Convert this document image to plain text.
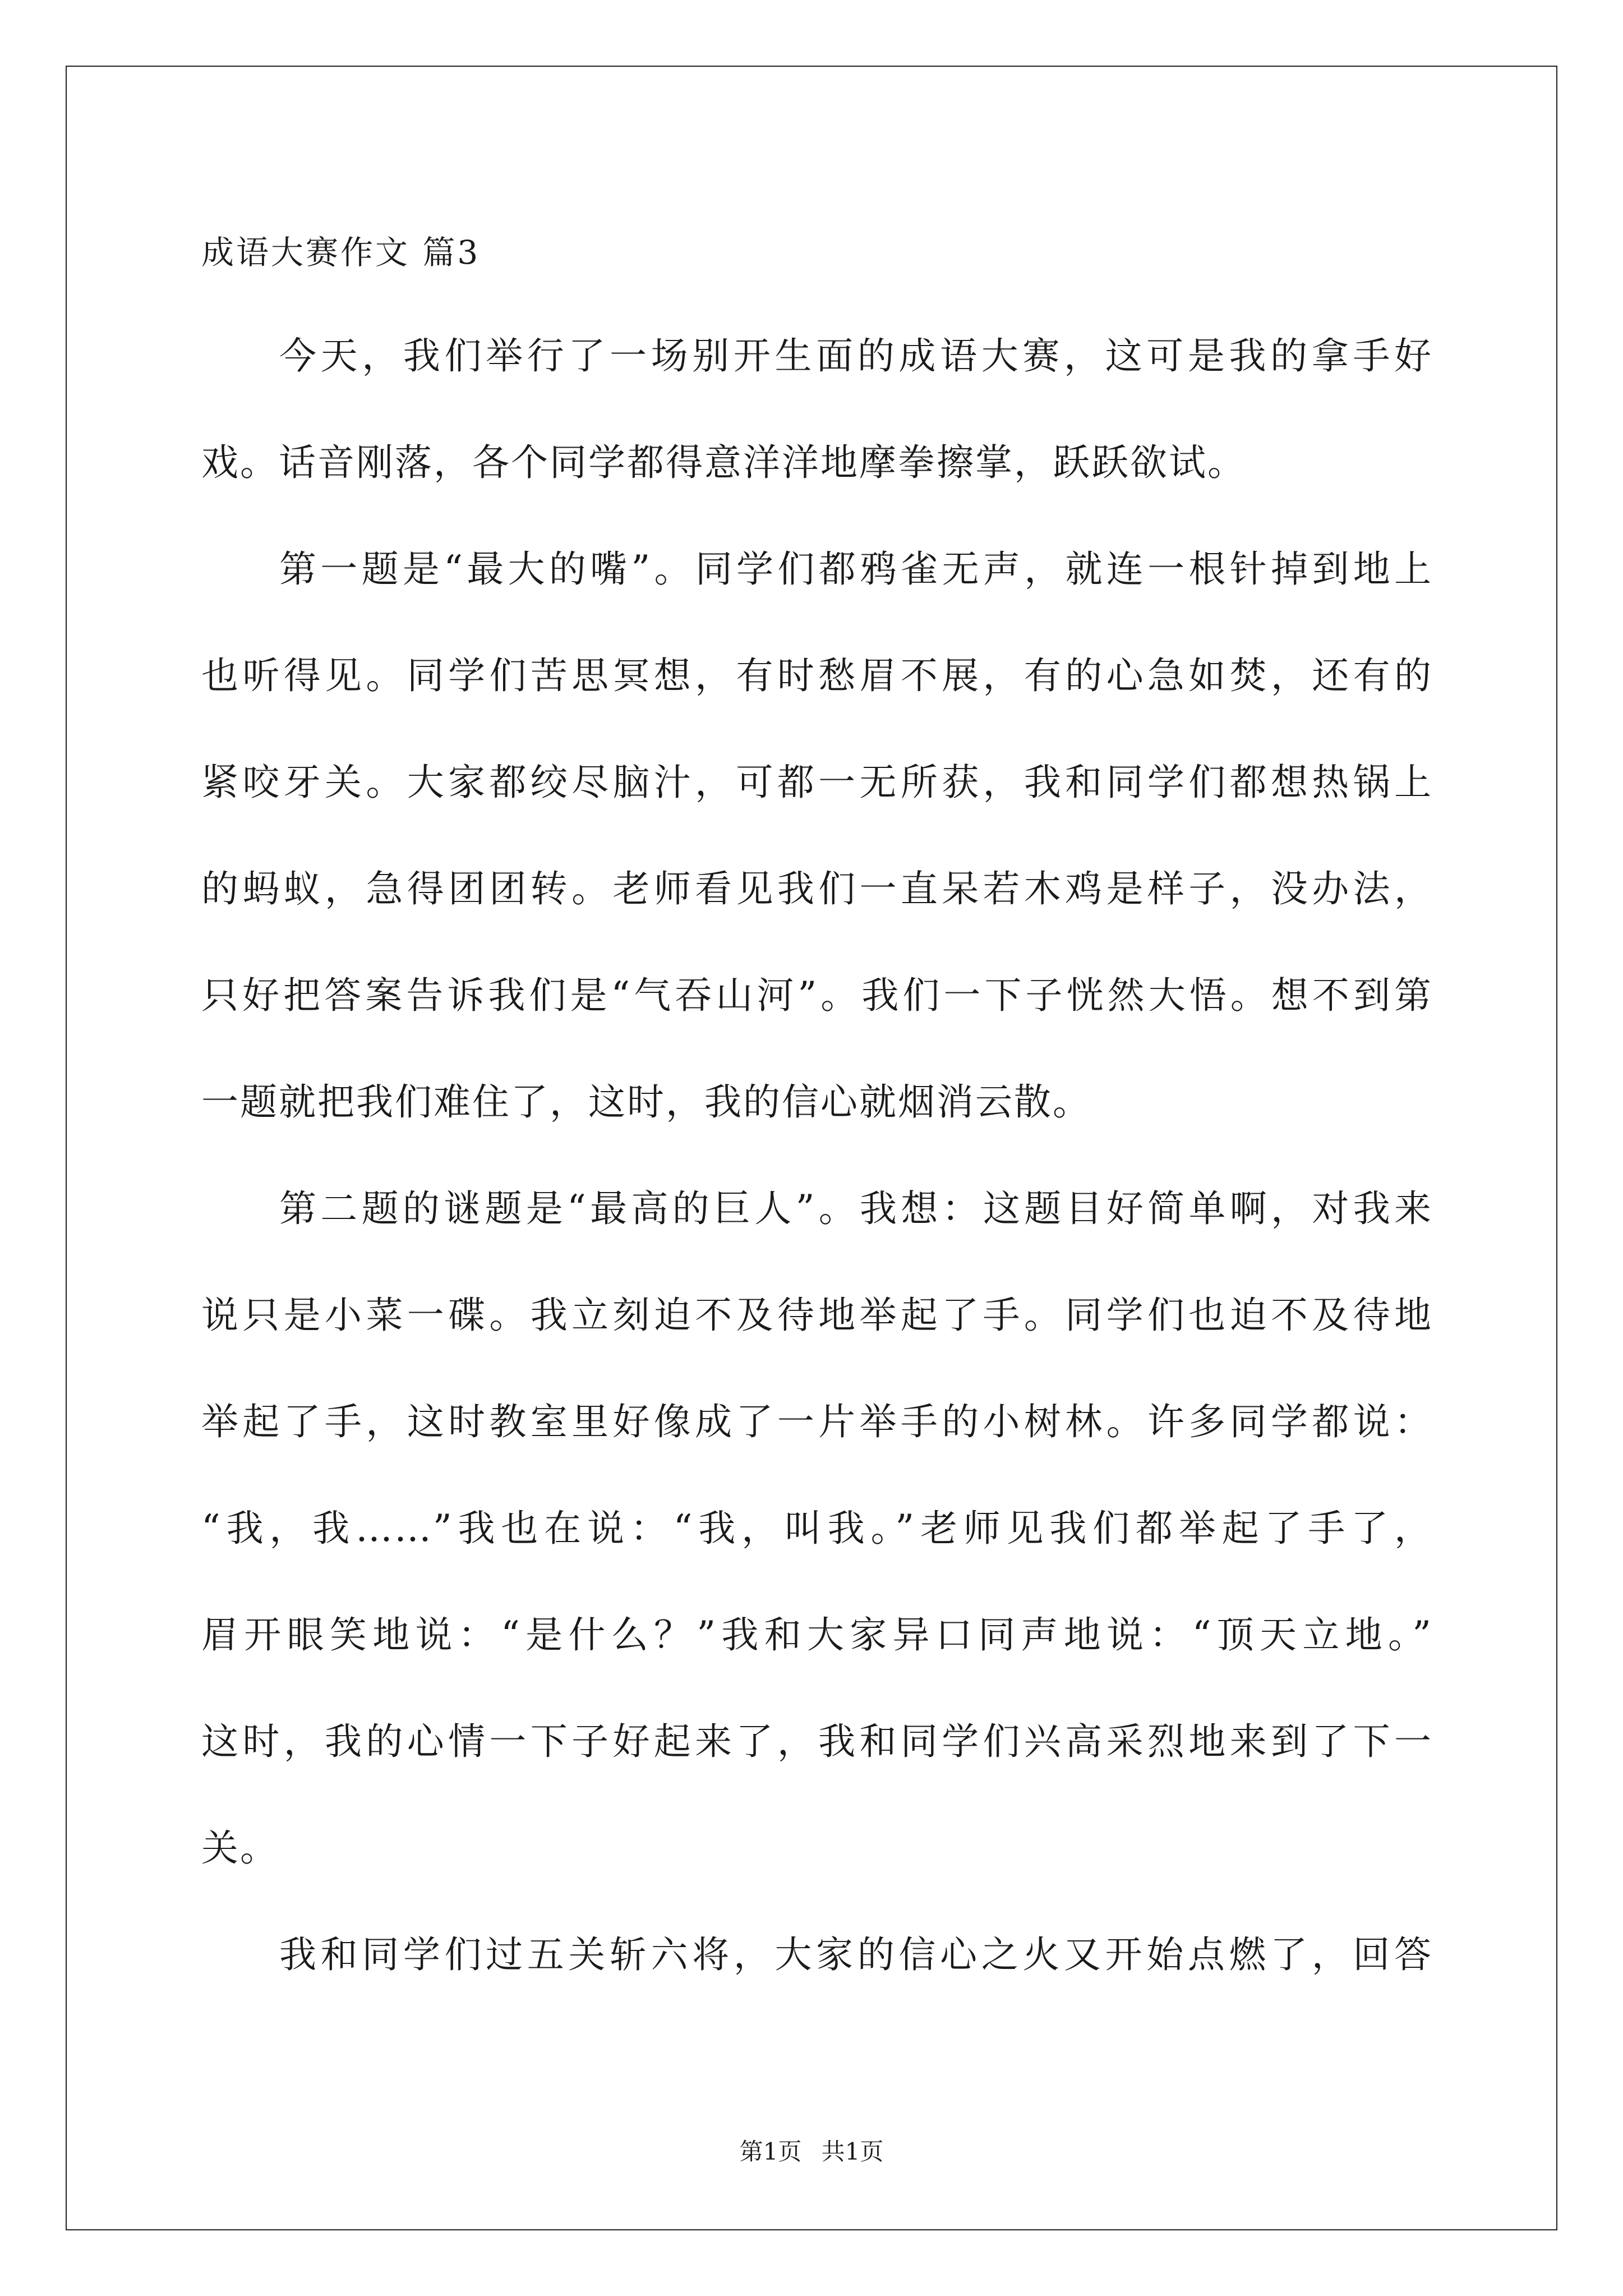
成语大赛作文 篇3
今天，我们举行了一场别开生面的成语大赛，这可是我的拿手好
戏。话音刚落，各个同学都得意洋洋地摩拳擦掌，跃跃欲试。
第一题是“最大的嘴”。同学们都鸦雀无声，就连一根针掉到地上
也听得见。同学们苦思冥想，有时愁眉不展，有的心急如焚，还有的
紧咬牙关。大家都绞尽脑汁，可都一无所获，我和同学们都想热锅上
的蚂蚁，急得团团转。老师看见我们一直呆若木鸡是样子，没办法，
只好把答案告诉我们是“气吞山河”。我们一下子恍然大悟。想不到第
一题就把我们难住了，这时，我的信心就烟消云散。
第二题的谜题是“最高的巨人”。我想：这题目好简单啊，对我来
说只是小菜一碟。我立刻迫不及待地举起了手。同学们也迫不及待地
举起了手，这时教室里好像成了一片举手的小树林。许多同学都说：
“我，我……”我也在说：“我，叫我。”老师见我们都举起了手了，
眉开眼笑地说：“是什么？”我和大家异口同声地说：“顶天立地。”
这时，我的心情一下子好起来了，我和同学们兴高采烈地来到了下一
关。
我和同学们过五关斩六将，大家的信心之火又开始点燃了，回答
第1页 共1页
